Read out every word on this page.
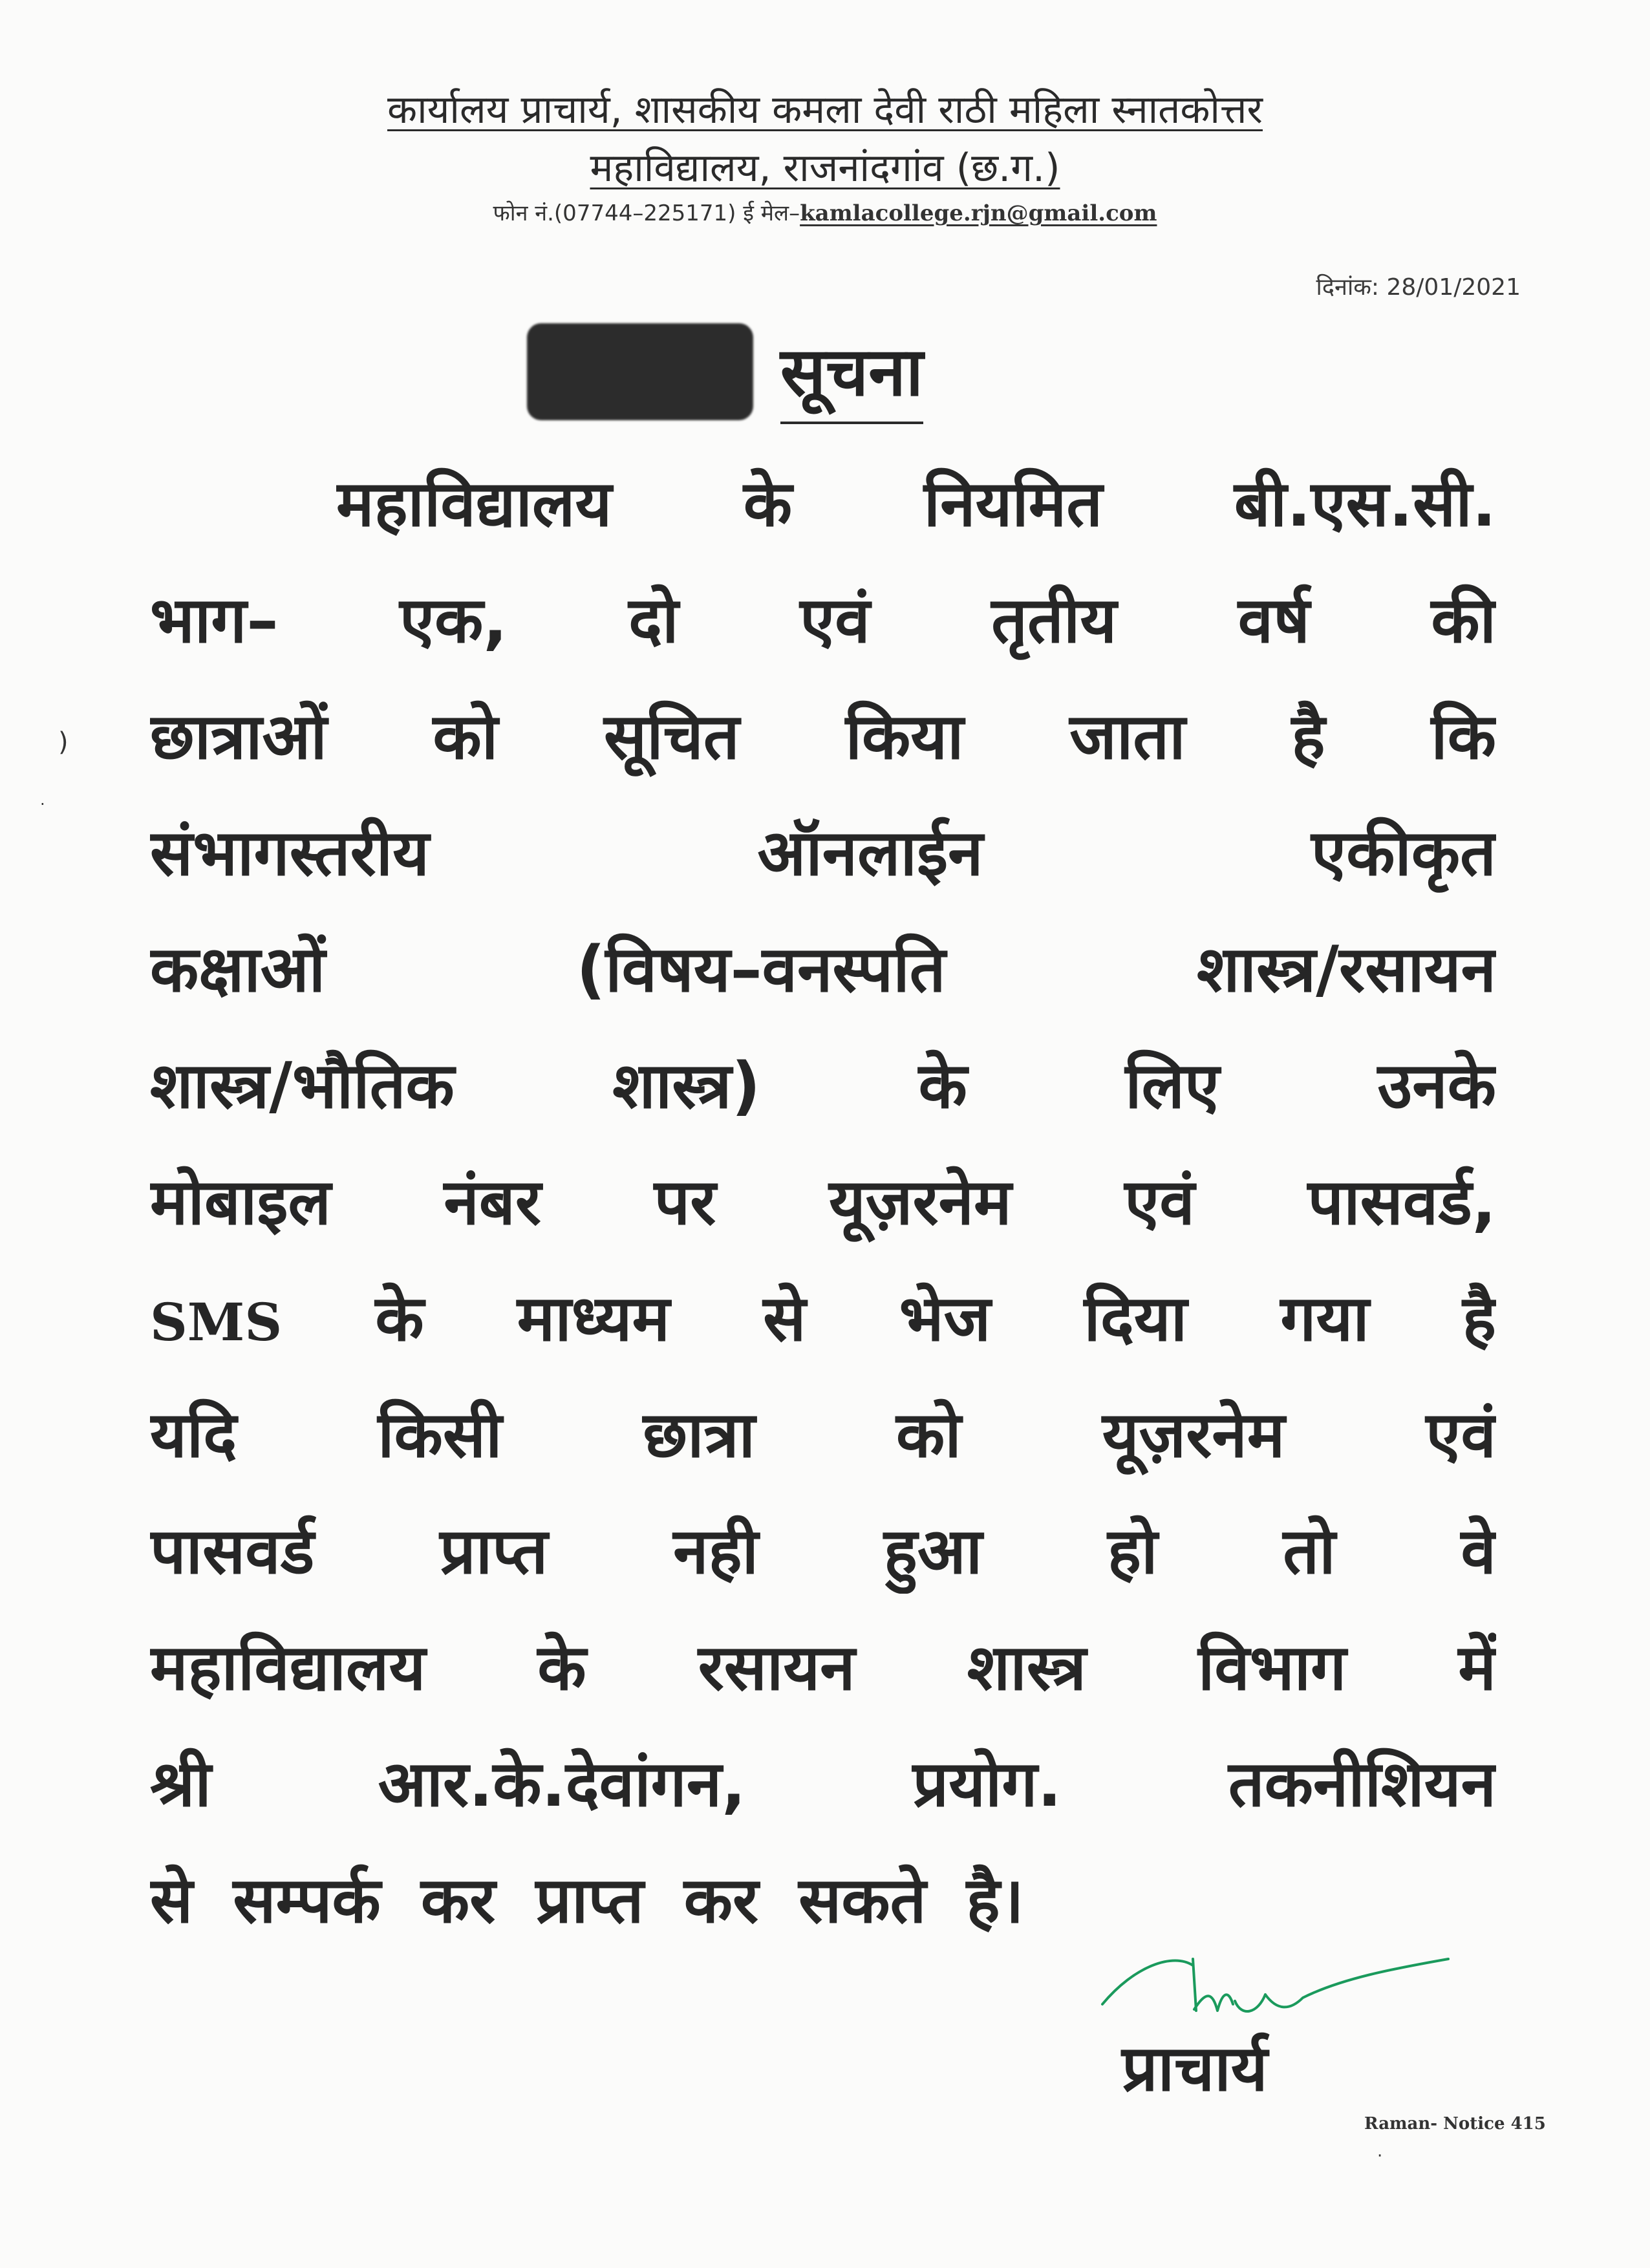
कार्यालय प्राचार्य, शासकीय कमला देवी राठी महिला स्नातकोत्तर
महाविद्यालय, राजनांदगांव (छ.ग.)
फोन नं.(07744–225171) ई मेल–kamlacollege.rjn@gmail.com
दिनांक: 28/01/2021
छात्रवृत्ति सूचना
महाविद्यालय के नियमित बी.एस.सी.
भाग– एक, दो एवं तृतीय वर्ष की
छात्राओं को सूचित किया जाता है कि
संभागस्तरीय ऑनलाईन एकीकृत
कक्षाओं (विषय–वनस्पति शास्त्र/रसायन
शास्त्र/भौतिक शास्त्र) के लिए उनके
मोबाइल नंबर पर यूज़रनेम एवं पासवर्ड,
SMS के माध्यम से भेज दिया गया है
यदि किसी छात्रा को यूज़रनेम एवं
पासवर्ड प्राप्त नही हुआ हो तो वे
महाविद्यालय के रसायन शास्त्र विभाग में
श्री आर.के.देवांगन, प्रयोग. तकनीशियन
से सम्पर्क कर प्राप्त कर सकते है।
प्राचार्य
Raman- Notice 415
)
·
·
